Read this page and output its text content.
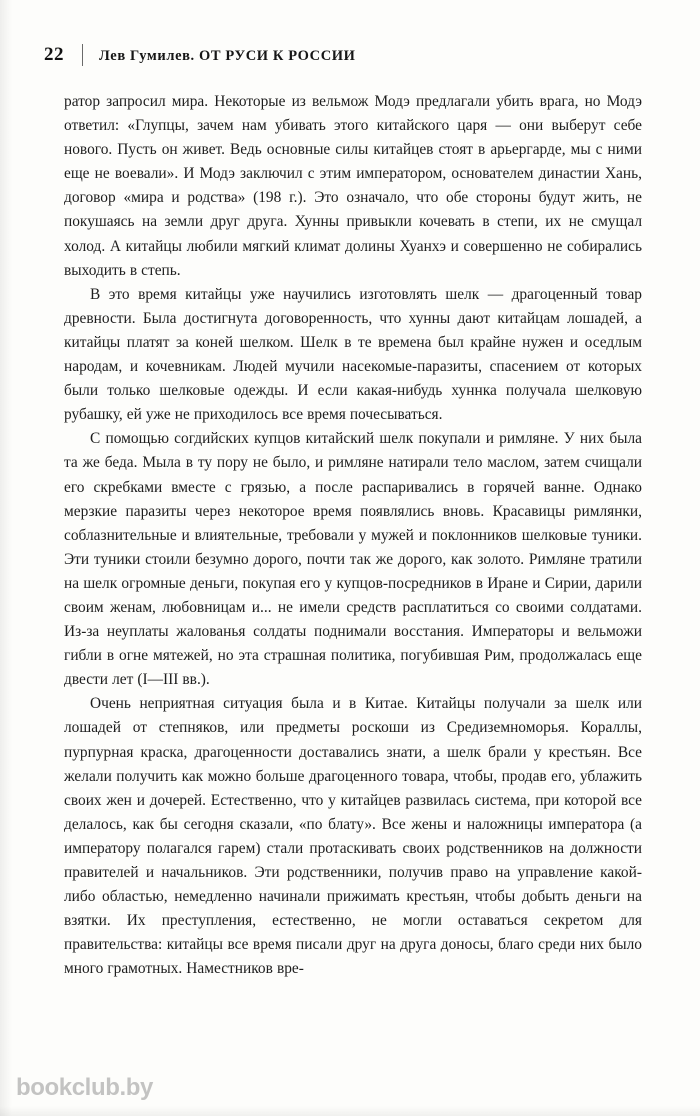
22 Лев Гумилев. ОТ РУСИ К РОССИИ

ратор запросил мира. Некоторые из вельмож Модэ предлагали убить врага, но Модэ ответил: «Глупцы, зачем нам убивать этого китайского царя — они выберут себе нового. Пусть он живет. Ведь основные силы китайцев стоят в арьергарде, мы с ними еще не воевали». И Модэ заключил с этим императором, основателем династии Хань, договор «мира и родства» (198 г.). Это означало, что обе стороны будут жить, не покушаясь на земли друг друга. Хунны привыкли кочевать в степи, их не смущал холод. А китайцы любили мягкий климат долины Хуанхэ и совершенно не собирались выходить в степь.

В это время китайцы уже научились изготовлять шелк — драгоценный товар древности. Была достигнута договоренность, что хунны дают китайцам лошадей, а китайцы платят за коней шелком. Шелк в те времена был крайне нужен и оседлым народам, и кочевникам. Людей мучили насекомые-паразиты, спасением от которых были только шелковые одежды. И если какая-нибудь хуннка получала шелковую рубашку, ей уже не приходилось все время почесываться.

С помощью согдийских купцов китайский шелк покупали и римляне. У них была та же беда. Мыла в ту пору не было, и римляне натирали тело маслом, затем счищали его скребками вместе с грязью, а после распаривались в горячей ванне. Однако мерзкие паразиты через некоторое время появлялись вновь. Красавицы римлянки, соблазнительные и влиятельные, требовали у мужей и поклонников шелковые туники. Эти туники стоили безумно дорого, почти так же дорого, как золото. Римляне тратили на шелк огромные деньги, покупая его у купцов-посредников в Иране и Сирии, дарили своим женам, любовницам и... не имели средств расплатиться со своими солдатами. Из-за неуплаты жалованья солдаты поднимали восстания. Императоры и вельможи гибли в огне мятежей, но эта страшная политика, погубившая Рим, продолжалась еще двести лет (I—III вв.).

Очень неприятная ситуация была и в Китае. Китайцы получали за шелк или лошадей от степняков, или предметы роскоши из Средиземноморья. Кораллы, пурпурная краска, драгоценности доставались знати, а шелк брали у крестьян. Все желали получить как можно больше драгоценного товара, чтобы, продав его, ублажить своих жен и дочерей. Естественно, что у китайцев развилась система, при которой все делалось, как бы сегодня сказали, «по блату». Все жены и наложницы императора (а императору полагался гарем) стали протаскивать своих родственников на должности правителей и начальников. Эти родственники, получив право на управление какой-либо областью, немедленно начинали прижимать крестьян, чтобы добыть деньги на взятки. Их преступления, естественно, не могли оставаться секретом для правительства: китайцы все время писали друг на друга доносы, благо среди них было много грамотных. Наместников вре-

bookclub.by
